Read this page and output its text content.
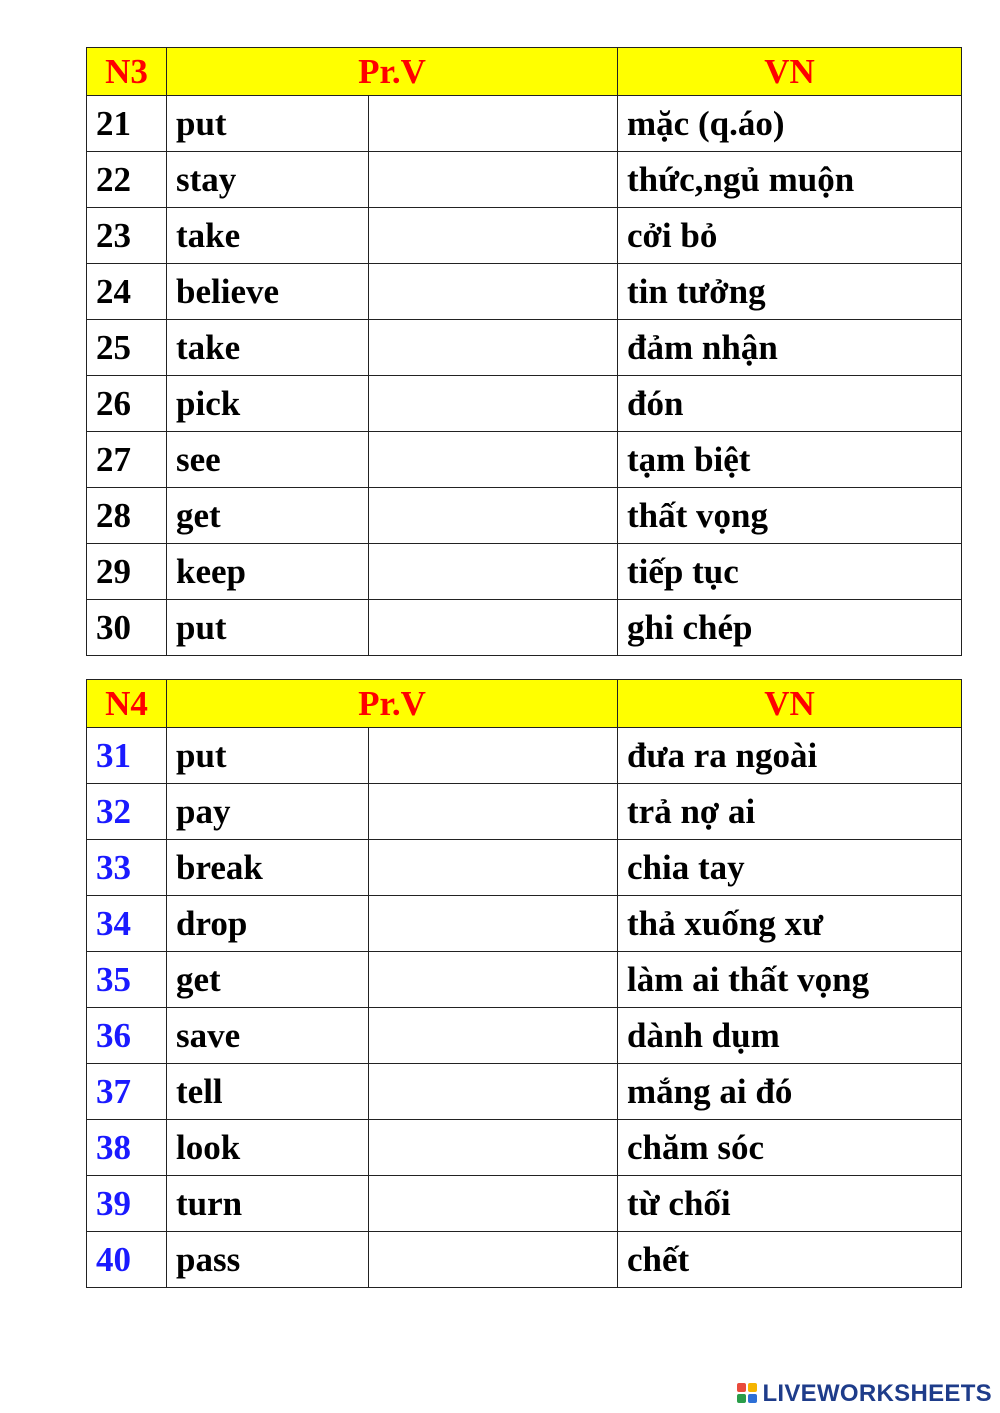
N3	Pr.V		VN
21	put		mặc (q.áo)
22	stay		thức,ngủ muộn
23	take		cởi bỏ
24	believe		tin tưởng
25	take		đảm nhận
26	pick		đón
27	see		tạm biệt
28	get		thất vọng
29	keep		tiếp tục
30	put		ghi chép
N4	Pr.V		VN
31	put		đưa ra ngoài
32	pay		trả nợ ai
33	break		chia tay
34	drop		thả xuống xư
35	get		làm ai thất vọng
36	save		dành dụm
37	tell		mắng ai đó
38	look		chăm sóc
39	turn		từ chối
40	pass		chết
LIVEWORKSHEETS
